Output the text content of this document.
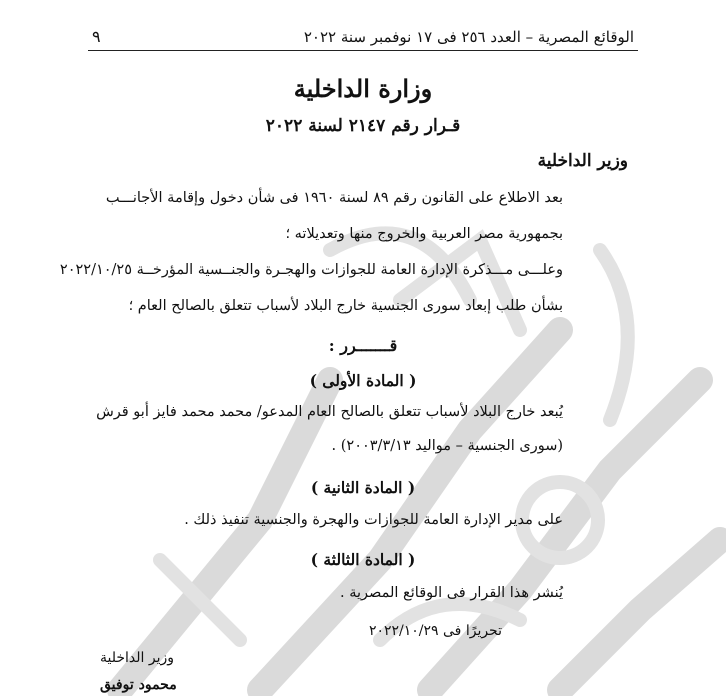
٩	الوقائع المصرية – العدد ٢٥٦ فى ١٧ نوفمبر سنة ٢٠٢٢
وزارة الداخلية
قـرار رقم ٢١٤٧ لسنة ٢٠٢٢
وزير الداخلية
بعد الاطلاع على القانون رقم ٨٩ لسنة ١٩٦٠ فى شأن دخول وإقامة الأجانـــب
بجمهورية مصر العربية والخروج منها وتعديلاته ؛
وعلـــى مـــذكرة الإدارة العامة للجوازات والهجـرة والجنــسية المؤرخــة ٢٠٢٢/١٠/٢٥
بشأن طلب إبعاد سورى الجنسية خارج البلاد لأسباب تتعلق بالصالح العام ؛
قـــــــرر :
( المادة الأولى )
يُبعد خارج البلاد لأسباب تتعلق بالصالح العام المدعو/ محمد محمد فايز أبو قرش
(سورى الجنسية – مواليد ٢٠٠٣/٣/١٣) .
( المادة الثانية )
على مدير الإدارة العامة للجوازات والهجرة والجنسية تنفيذ ذلك .
( المادة الثالثة )
يُنشر هذا القرار فى الوقائع المصرية .
تحريرًا فى ٢٠٢٢/١٠/٢٩
وزير الداخلية
محمود توفيق
